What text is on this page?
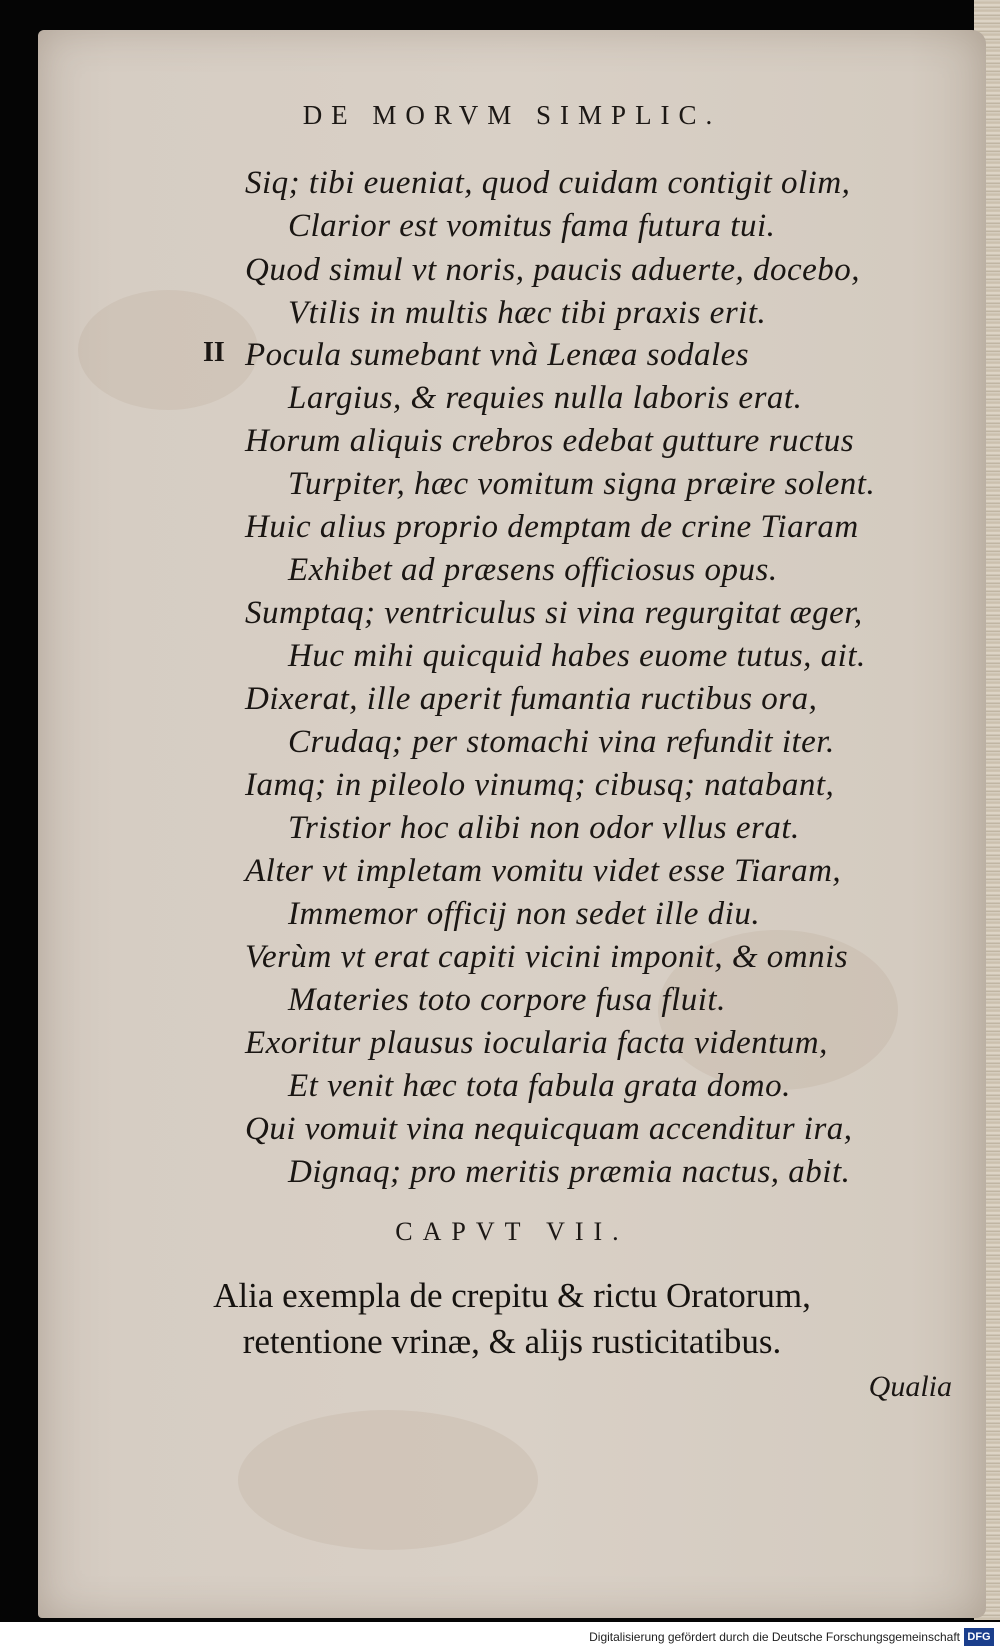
DE MORVM SIMPLIC.
II
Siq; tibi eueniat, quod cuidam contigit olim,
Clarior est vomitus fama futura tui.
Quod simul vt noris, paucis aduerte, docebo,
Vtilis in multis hæc tibi praxis erit.
Pocula sumebant vnà Lenæa sodales
Largius, & requies nulla laboris erat.
Horum aliquis crebros edebat gutture ructus
Turpiter, hæc vomitum signa præire solent.
Huic alius proprio demptam de crine Tiaram
Exhibet ad præsens officiosus opus.
Sumptaq; ventriculus si vina regurgitat æger,
Huc mihi quicquid habes euome tutus, ait.
Dixerat, ille aperit fumantia ructibus ora,
Crudaq; per stomachi vina refundit iter.
Iamq; in pileolo vinumq; cibusq; natabant,
Tristior hoc alibi non odor vllus erat.
Alter vt impletam vomitu videt esse Tiaram,
Immemor officij non sedet ille diu.
Verùm vt erat capiti vicini imponit, & omnis
Materies toto corpore fusa fluit.
Exoritur plausus iocularia facta videntum,
Et venit hæc tota fabula grata domo.
Qui vomuit vina nequicquam accenditur ira,
Dignaq; pro meritis præmia nactus, abit.
CAPVT VII.
Alia exempla de crepitu & rictu Oratorum,
retentione vrinæ, & alijs rusticitatibus.
Qualia
Digitalisierung gefördert durch die Deutsche Forschungsgemeinschaft DFG
